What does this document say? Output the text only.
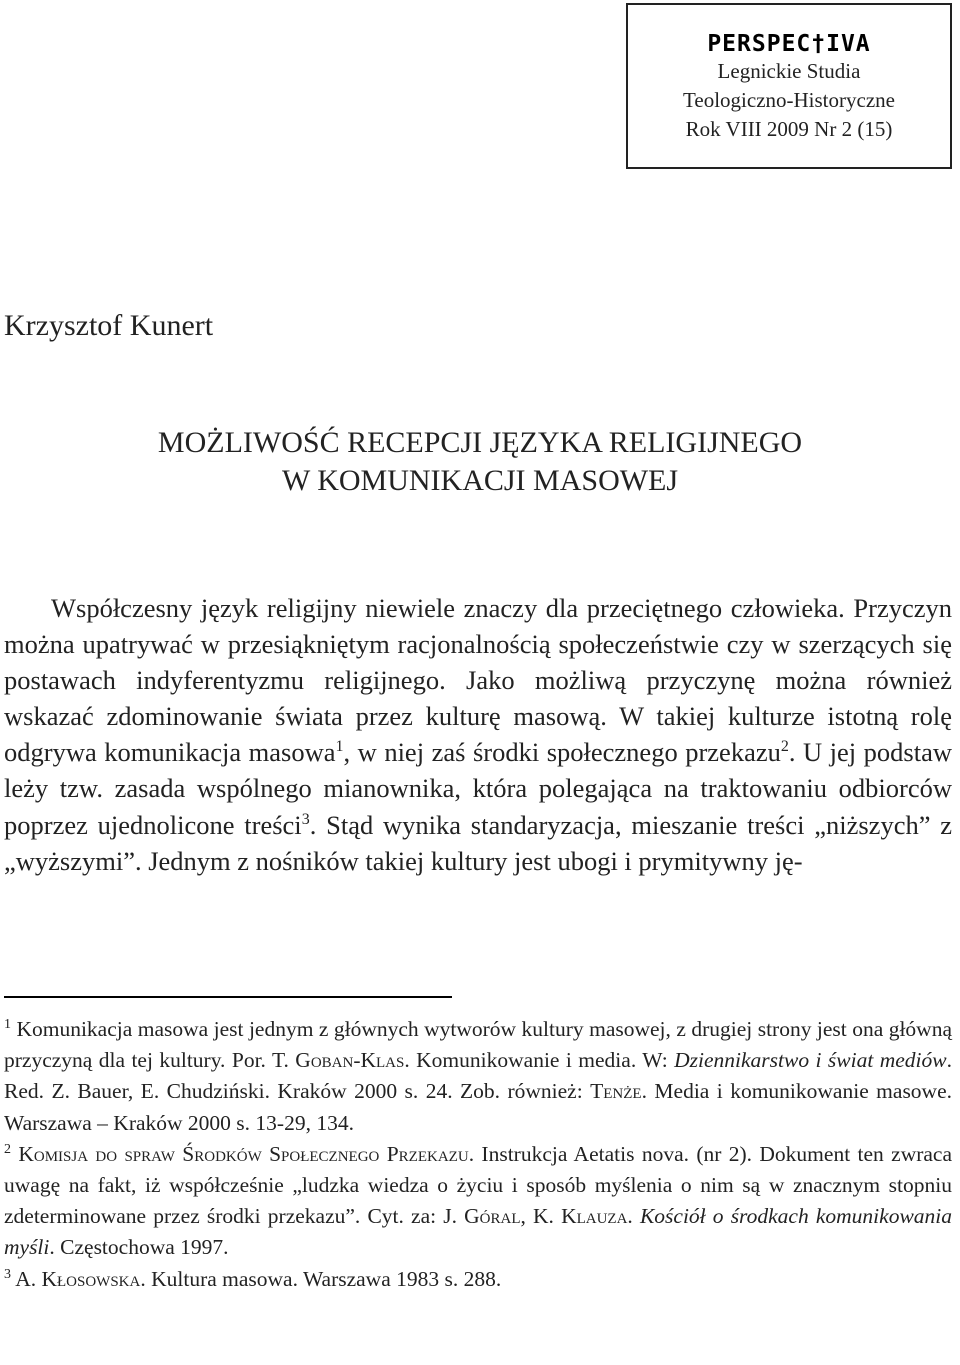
PERSPEC†IVA
Legnickie Studia
Teologiczno-Historyczne
Rok VIII 2009 Nr 2 (15)
Krzysztof Kunert
MOŻLIWOŚĆ RECEPCJI JĘZYKA RELIGIJNEGO
W KOMUNIKACJI MASOWEJ
Współczesny język religijny niewiele znaczy dla przeciętnego człowieka. Przyczyn można upatrywać w przesiąkniętym racjonalnością społeczeństwie czy w szerzących się postawach indyferentyzmu religijnego. Jako możliwą przyczynę można również wskazać zdominowanie świata przez kulturę masową. W takiej kulturze istotną rolę odgrywa komunikacja masowa$^1$, w niej zaś środki społecznego przekazu$^2$. U jej podstaw leży tzw. zasada wspólnego mianownika, która polegająca na traktowaniu odbiorców poprzez ujednolicone treści$^3$. Stąd wynika standaryzacja, mieszanie treści „niższych” z „wyższymi”. Jednym z nośników takiej kultury jest ubogi i prymitywny ję-

$^1$ Komunikacja masowa jest jednym z głównych wytworów kultury masowej, z drugiej strony jest ona główną przyczyną dla tej kultury. Por. T. Goban-Klas. Komunikowanie i media. W: Dziennikarstwo i świat mediów. Red. Z. Bauer, E. Chudziński. Kraków 2000 s. 24. Zob. również: Tenże. Media i komunikowanie masowe. Warszawa – Kraków 2000 s. 13-29, 134.

$^2$ Komisja do spraw Środków Społecznego Przekazu. Instrukcja Aetatis nova. (nr 2). Dokument ten zwraca uwagę na fakt, iż współcześnie „ludzka wiedza o życiu i sposób myślenia o nim są w znacznym stopniu zdeterminowane przez środki przekazu”. Cyt. za: J. Góral, K. Klauza. Kościół o środkach komunikowania myśli. Częstochowa 1997.

$^3$ A. Kłosowska. Kultura masowa. Warszawa 1983 s. 288.
